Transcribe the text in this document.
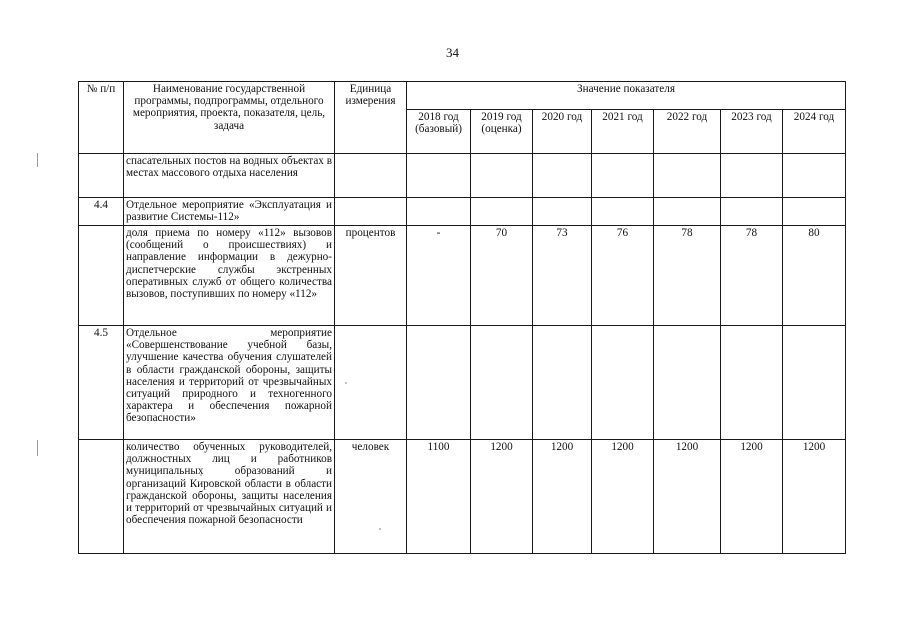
34
№ п/п	Наименование государственной программы, подпрограммы, отдельного мероприятия, проекта, показателя, цель, задача	Единица измерения	Значение показателя						
			2018 год (базовый)	2019 год (оценка)	2020 год	2021 год	2022 год	2023 год	2024 год
	спасательных постов на водных объектах в местах массового отдыха населения								
4.4	Отдельное мероприятие «Эксплуатация и развитие Системы-112»								
	доля приема по номеру «112» вызовов (сообщений о происшествиях) и направление информации в дежурно-диспетчерские службы экстренных оперативных служб от общего количества вызовов, поступивших по номеру «112»	процентов	-	70	73	76	78	78	80
4.5	Отдельное мероприятие «Совершенствование учебной базы, улучшение качества обучения слушателей в области гражданской обороны, защиты населения и территорий от чрезвычайных ситуаций природного и техногенного характера и обеспечения пожарной безопасности»								
	количество обученных руководителей, должностных лиц и работников муниципальных образований и организаций Кировской области в области гражданской обороны, защиты населения и территорий от чрезвычайных ситуаций и обеспечения пожарной безопасности	человек	1100	1200	1200	1200	1200	1200	1200
